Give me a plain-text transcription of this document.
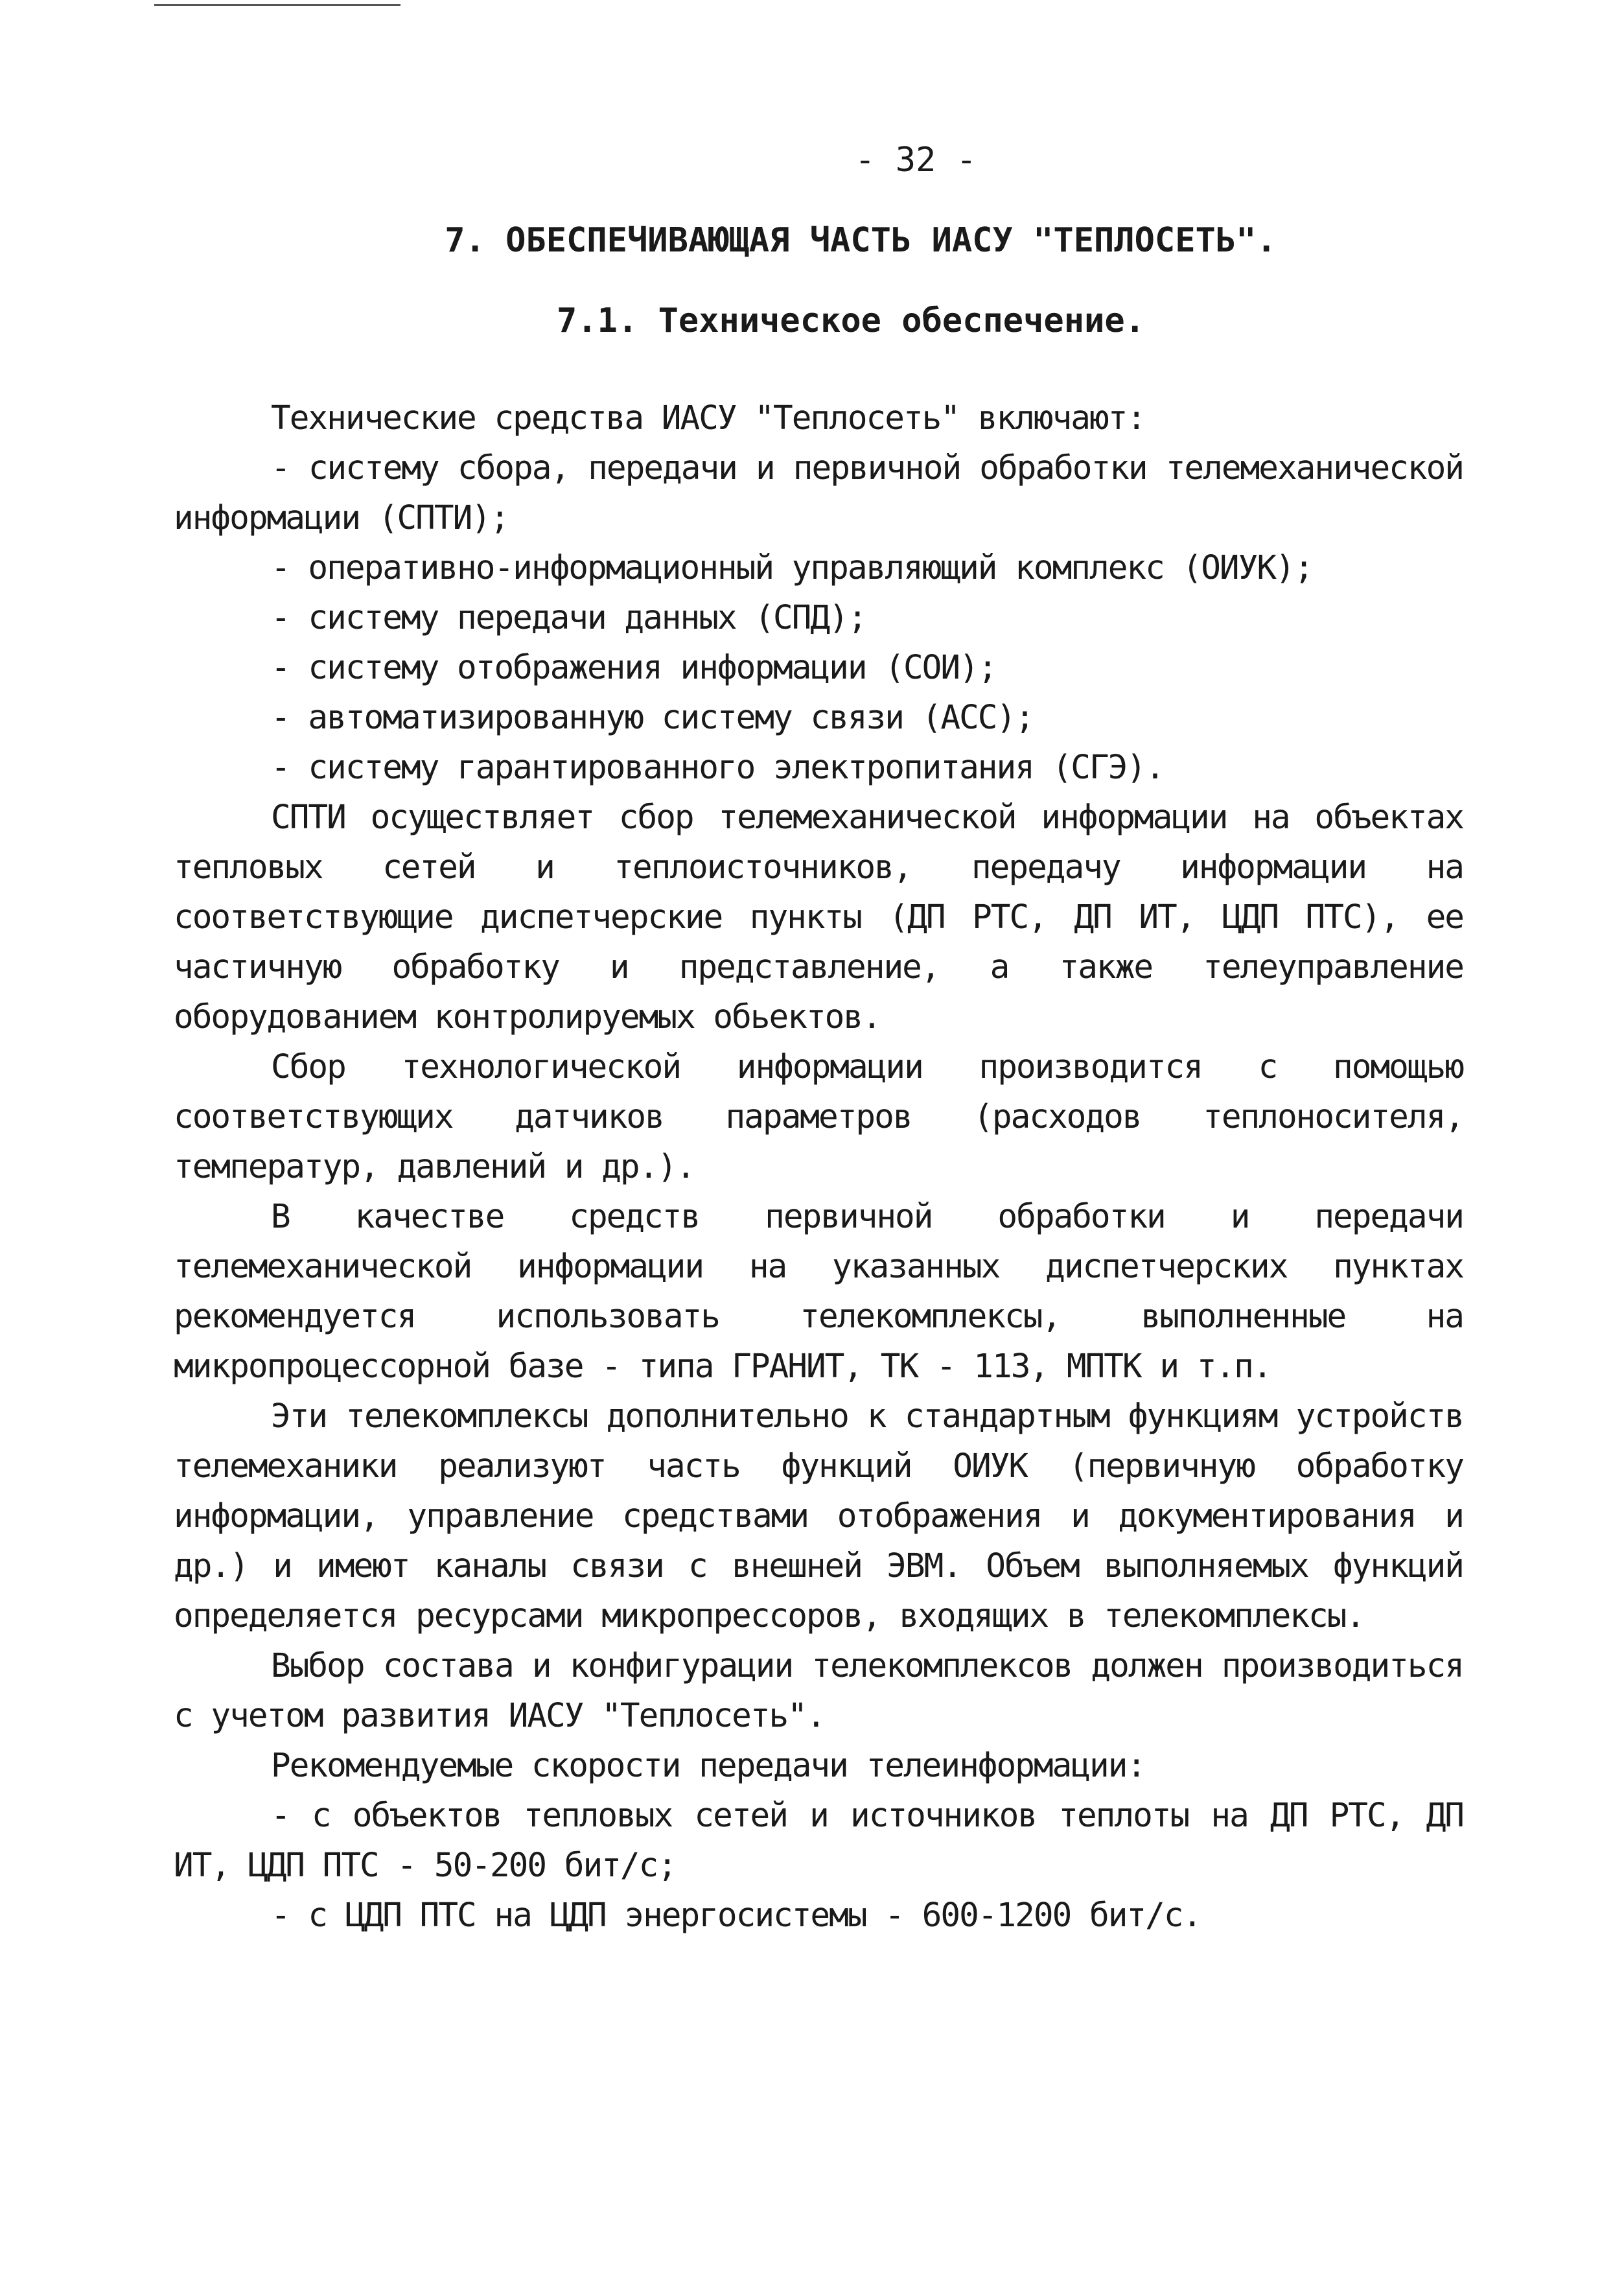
- 32 -
7. ОБЕСПЕЧИВАЮЩАЯ ЧАСТЬ ИАСУ "ТЕПЛОСЕТЬ".
7.1. Техническое обеспечение.

Технические средства ИАСУ "Теплосеть" включают:

- систему сбора, передачи и первичной обработки телемеханической информации (СПТИ);

- оперативно-информационный управляющий комплекс (ОИУК);

- систему передачи данных (СПД);

- систему отображения информации (СОИ);

- автоматизированную систему связи (АСС);

- систему гарантированного электропитания (СГЭ).

СПТИ осуществляет сбор телемеханической информации на объектах тепловых сетей и теплоисточников, передачу информации на соответствующие диспетчерские пункты (ДП РТС, ДП ИТ, ЦДП ПТС), ее частичную обработку и представление, а также телеуправление оборудованием контролируемых обьектов.

Сбор технологической информации производится с помощью соответствующих датчиков параметров (расходов теплоносителя, температур, давлений и др.).

В качестве средств первичной обработки и передачи телемеханической информации на указанных диспетчерских пунктах рекомендуется использовать телекомплексы, выполненные на микропроцессорной базе - типа ГРАНИТ, ТК - 113, МПТК и т.п.

Эти телекомплексы дополнительно к стандартным функциям устройств телемеханики реализуют часть функций ОИУК (первичную обработку информации, управление средствами отображения и документирования и др.) и имеют каналы связи с внешней ЭВМ. Объем выполняемых функций определяется ресурсами микропрессоров, входящих в телекомплексы.

Выбор состава и конфигурации телекомплексов должен производиться с учетом развития ИАСУ "Теплосеть".

Рекомендуемые скорости передачи телеинформации:

- с объектов тепловых сетей и источников теплоты на ДП РТС, ДП ИТ, ЦДП ПТС - 50-200 бит/с;

- с ЦДП ПТС на ЦДП энергосистемы - 600-1200 бит/с.
